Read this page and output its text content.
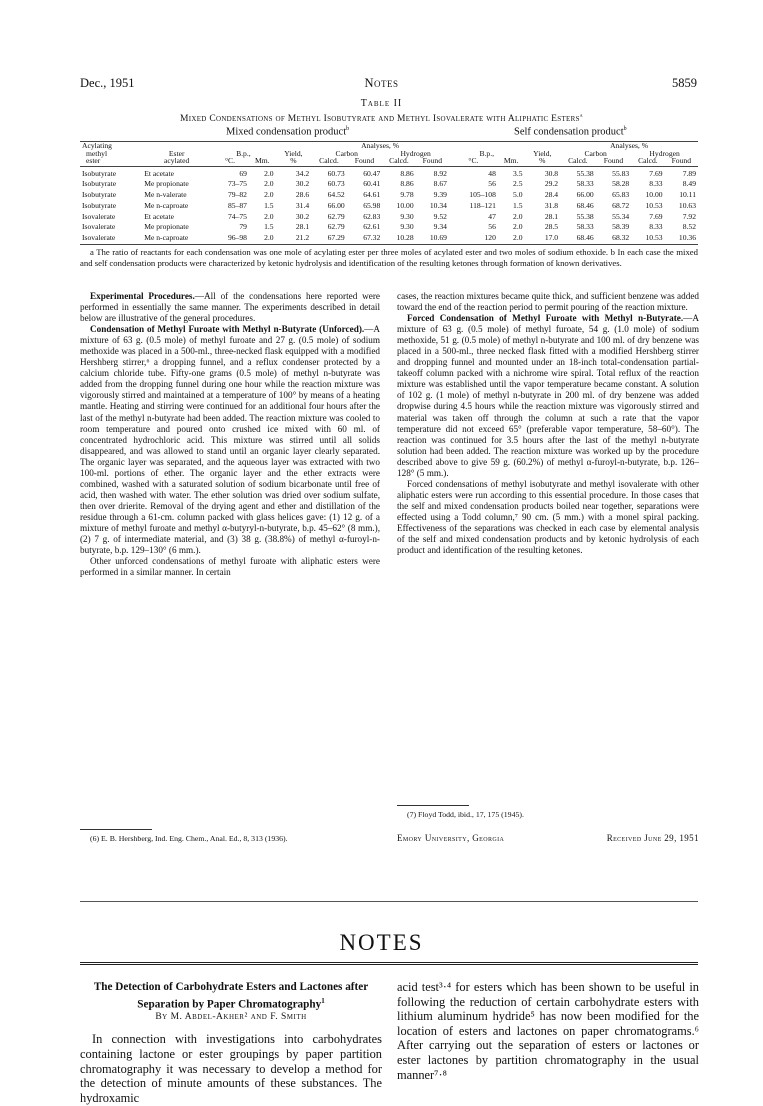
Dec., 1951	Notes	5859
Table II
Mixed Condensations of Methyl Isobutyrate and Methyl Isovalerate with Aliphatic Esters$^a$
Mixed condensation product$^b$	Self condensation product$^b$
Acylating					Analyses, %							Analyses, %			
methyl	Ester	B.p.,		Yield,	Carbon		Hydrogen		B.p.,		Yield,	Carbon		Hydrogen	
ester	acylated	°C.	Mm.	%	Calcd.	Found	Calcd.	Found	°C.	Mm.	%	Calcd.	Found	Calcd.	Found
Isobutyrate	Et acetate	69	2.0	34.2	60.73	60.47	8.86	8.92	48	3.5	30.8	55.38	55.83	7.69	7.89
Isobutyrate	Me propionate	73–75	2.0	30.2	60.73	60.41	8.86	8.67	56	2.5	29.2	58.33	58.28	8.33	8.49
Isobutyrate	Me n-valerate	79–82	2.0	28.6	64.52	64.61	9.78	9.39	105–108	5.0	28.4	66.00	65.83	10.00	10.11
Isobutyrate	Me n-caproate	85–87	1.5	31.4	66.00	65.98	10.00	10.34	118–121	1.5	31.8	68.46	68.72	10.53	10.63
Isovalerate	Et acetate	74–75	2.0	30.2	62.79	62.83	9.30	9.52	47	2.0	28.1	55.38	55.34	7.69	7.92
Isovalerate	Me propionate	79	1.5	28.1	62.79	62.61	9.30	9.34	56	2.0	28.5	58.33	58.39	8.33	8.52
Isovalerate	Me n-caproate	96–98	2.0	21.2	67.29	67.32	10.28	10.69	120	2.0	17.0	68.46	68.32	10.53	10.36
a The ratio of reactants for each condensation was one mole of acylating ester per three moles of acylated ester and two moles of sodium ethoxide. b In each case the mixed and self condensation products were characterized by ketonic hydrolysis and identification of the resulting ketones through formation of known derivatives.

Experimental Procedures.—All of the condensations here reported were performed in essentially the same manner. The experiments described in detail below are illustrative of the general procedures.

Condensation of Methyl Furoate with Methyl n-Butyrate (Unforced).—A mixture of 63 g. (0.5 mole) of methyl furoate and 27 g. (0.5 mole) of sodium methoxide was placed in a 500-ml., three-necked flask equipped with a modified Hershberg stirrer,⁶ a dropping funnel, and a reflux condenser protected by a calcium chloride tube. Fifty-one grams (0.5 mole) of methyl n-butyrate was added from the dropping funnel during one hour while the reaction mixture was vigorously stirred and maintained at a temperature of 100° by means of a heating mantle. Heating and stirring were continued for an additional four hours after the last of the methyl n-butyrate had been added. The reaction mixture was cooled to room temperature and poured onto crushed ice mixed with 60 ml. of concentrated hydrochloric acid. This mixture was stirred until all solids disappeared, and was allowed to stand until an organic layer clearly separated. The organic layer was separated, and the aqueous layer was extracted with two 100-ml. portions of ether. The organic layer and the ether extracts were combined, washed with a saturated solution of sodium bicarbonate until free of acid, then washed with water. The ether solution was dried over sodium sulfate, then over drierite. Removal of the drying agent and ether and distillation of the residue through a 61-cm. column packed with glass helices gave: (1) 12 g. of a mixture of methyl furoate and methyl α-butyryl-n-butyrate, b.p. 45–62° (8 mm.), (2) 7 g. of intermediate material, and (3) 38 g. (38.8%) of methyl α-furoyl-n-butyrate, b.p. 129–130° (6 mm.).

Other unforced condensations of methyl furoate with aliphatic esters were performed in a similar manner. In certain

(6) E. B. Hershberg, Ind. Eng. Chem., Anal. Ed., 8, 313 (1936).

cases, the reaction mixtures became quite thick, and sufficient benzene was added toward the end of the reaction period to permit pouring of the reaction mixture.

Forced Condensation of Methyl Furoate with Methyl n-Butyrate.—A mixture of 63 g. (0.5 mole) of methyl furoate, 54 g. (1.0 mole) of sodium methoxide, 51 g. (0.5 mole) of methyl n-butyrate and 100 ml. of dry benzene was placed in a 500-ml., three necked flask fitted with a modified Hershberg stirrer and dropping funnel and mounted under an 18-inch total-condensation partial-takeoff column packed with a nichrome wire spiral. Total reflux of the reaction mixture was established until the vapor temperature became constant. A solution of 102 g. (1 mole) of methyl n-butyrate in 200 ml. of dry benzene was added dropwise during 4.5 hours while the reaction mixture was vigorously stirred and material was taken off through the column at such a rate that the vapor temperature did not exceed 65° (preferable vapor temperature, 58–60°). The reaction was continued for 3.5 hours after the last of the methyl n-butyrate solution had been added. The reaction mixture was worked up by the procedure described above to give 59 g. (60.2%) of methyl α-furoyl-n-butyrate, b.p. 126–128° (5 mm.).

Forced condensations of methyl isobutyrate and methyl isovalerate with other aliphatic esters were run according to this essential procedure. In those cases that the self and mixed condensation products boiled near together, separations were effected using a Todd column,⁷ 90 cm. (5 mm.) with a monel spiral packing. Effectiveness of the separations was checked in each case by elemental analysis of the self and mixed condensation products and by ketonic hydrolysis of each product and identification of the resulting ketones.

(7) Floyd Todd, ibid., 17, 175 (1945).
Emory University, Georgia	Received June 29, 1951
NOTES
The Detection of Carbohydrate Esters and Lactones after Separation by Paper Chromatography$^1$
By M. Abdel-Akher² and F. Smith
In connection with investigations into carbohydrates containing lactone or ester groupings by paper partition chromatography it was necessary to develop a method for the detection of minute amounts of these substances. The hydroxamic
acid test³·⁴ for esters which has been shown to be useful in following the reduction of certain carbohydrate esters with lithium aluminum hydride⁵ has now been modified for the location of esters and lactones on paper chromatograms.⁶ After carrying out the separation of esters or lactones or ester lactones by partition chromatography in the usual manner⁷·⁸
